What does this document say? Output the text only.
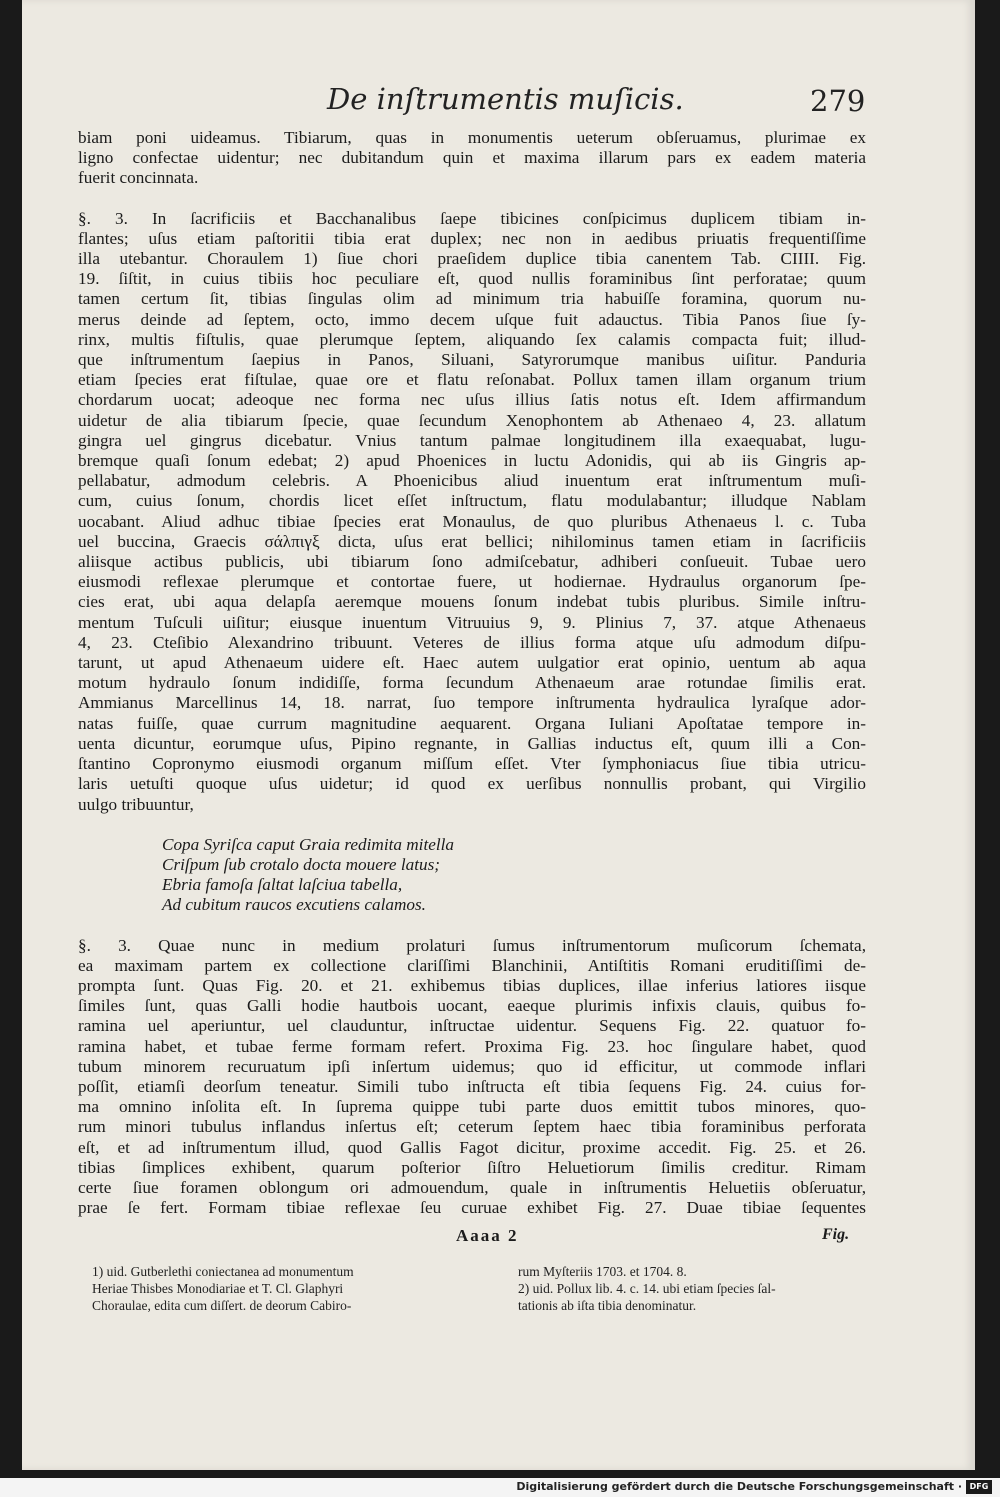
De inſtrumentis muſicis.	279

biam poni uideamus. Tibiarum, quas in monumentis ueterum obſeruamus, plurimae ex

ligno confectae uidentur; nec dubitandum quin et maxima illarum pars ex eadem materia

fuerit concinnata.

§. 3. In ſacrificiis et Bacchanalibus ſaepe tibicines conſpicimus duplicem tibiam in-

flantes; uſus etiam paſtoritii tibia erat duplex; nec non in aedibus priuatis frequentiſſime

illa utebantur. Choraulem 1) ſiue chori praeſidem duplice tibia canentem Tab. CIIII. Fig.

19. ſiſtit, in cuius tibiis hoc peculiare eſt, quod nullis foraminibus ſint perforatae; quum

tamen certum ſit, tibias ſingulas olim ad minimum tria habuiſſe foramina, quorum nu-

merus deinde ad ſeptem, octo, immo decem uſque fuit adauctus. Tibia Panos ſiue ſy-

rinx, multis fiſtulis, quae plerumque ſeptem, aliquando ſex calamis compacta fuit; illud-

que inſtrumentum ſaepius in Panos, Siluani, Satyrorumque manibus uiſitur. Panduria

etiam ſpecies erat fiſtulae, quae ore et flatu reſonabat. Pollux tamen illam organum trium

chordarum uocat; adeoque nec forma nec uſus illius ſatis notus eſt. Idem affirmandum

uidetur de alia tibiarum ſpecie, quae ſecundum Xenophontem ab Athenaeo 4, 23. allatum

gingra uel gingrus dicebatur. Vnius tantum palmae longitudinem illa exaequabat, lugu-

bremque quaſi ſonum edebat; 2) apud Phoenices in luctu Adonidis, qui ab iis Gingris ap-

pellabatur, admodum celebris. A Phoenicibus aliud inuentum erat inſtrumentum muſi-

cum, cuius ſonum, chordis licet eſſet inſtructum, flatu modulabantur; illudque Nablam

uocabant. Aliud adhuc tibiae ſpecies erat Monaulus, de quo pluribus Athenaeus l. c. Tuba

uel buccina, Graecis σάλπιγξ dicta, uſus erat bellici; nihilominus tamen etiam in ſacrificiis

aliisque actibus publicis, ubi tibiarum ſono admiſcebatur, adhiberi conſueuit. Tubae uero

eiusmodi reflexae plerumque et contortae fuere, ut hodiernae. Hydraulus organorum ſpe-

cies erat, ubi aqua delapſa aeremque mouens ſonum indebat tubis pluribus. Simile inſtru-

mentum Tuſculi uiſitur; eiusque inuentum Vitruuius 9, 9. Plinius 7, 37. atque Athenaeus

4, 23. Cteſibio Alexandrino tribuunt. Veteres de illius forma atque uſu admodum diſpu-

tarunt, ut apud Athenaeum uidere eſt. Haec autem uulgatior erat opinio, uentum ab aqua

motum hydraulo ſonum indidiſſe, forma ſecundum Athenaeum arae rotundae ſimilis erat.

Ammianus Marcellinus 14, 18. narrat, ſuo tempore inſtrumenta hydraulica lyraſque ador-

natas fuiſſe, quae currum magnitudine aequarent. Organa Iuliani Apoſtatae tempore in-

uenta dicuntur, eorumque uſus, Pipino regnante, in Gallias inductus eſt, quum illi a Con-

ſtantino Copronymo eiusmodi organum miſſum eſſet. Vter ſymphoniacus ſiue tibia utricu-

laris uetuſti quoque uſus uidetur; id quod ex uerſibus nonnullis probant, qui Virgilio

uulgo tribuuntur,

Copa Syriſca caput Graia redimita mitella

Criſpum ſub crotalo docta mouere latus;

Ebria famoſa ſaltat laſciua tabella,

Ad cubitum raucos excutiens calamos.

§. 3. Quae nunc in medium prolaturi ſumus inſtrumentorum muſicorum ſchemata,

ea maximam partem ex collectione clariſſimi Blanchinii, Antiſtitis Romani eruditiſſimi de-

prompta ſunt. Quas Fig. 20. et 21. exhibemus tibias duplices, illae inferius latiores iisque

ſimiles ſunt, quas Galli hodie hautbois uocant, eaeque plurimis infixis clauis, quibus fo-

ramina uel aperiuntur, uel clauduntur, inſtructae uidentur. Sequens Fig. 22. quatuor fo-

ramina habet, et tubae ferme formam refert. Proxima Fig. 23. hoc ſingulare habet, quod

tubum minorem recuruatum ipſi inſertum uidemus; quo id efficitur, ut commode inflari

poſſit, etiamſi deorſum teneatur. Simili tubo inſtructa eſt tibia ſequens Fig. 24. cuius for-

ma omnino inſolita eſt. In ſuprema quippe tubi parte duos emittit tubos minores, quo-

rum minori tubulus inflandus inſertus eſt; ceterum ſeptem haec tibia foraminibus perforata

eſt, et ad inſtrumentum illud, quod Gallis Fagot dicitur, proxime accedit. Fig. 25. et 26.

tibias ſimplices exhibent, quarum poſterior ſiſtro Heluetiorum ſimilis creditur. Rimam

certe ſiue foramen oblongum ori admouendum, quale in inſtrumentis Heluetiis obſeruatur,

prae ſe fert. Formam tibiae reflexae ſeu curuae exhibet Fig. 27. Duae tibiae ſequentes

Aaaa 2	Fig.

1) uid. Gutberlethi coniectanea ad monumentum

Heriae Thisbes Monodiariae et T. Cl. Glaphyri

Choraulae, edita cum diſſert. de deorum Cabiro-

rum Myſteriis 1703. et 1704. 8.

2) uid. Pollux lib. 4. c. 14. ubi etiam ſpecies ſal-

tationis ab iſta tibia denominatur.

Digitalisierung gefördert durch die Deutsche Forschungsgemeinschaft · DFG
